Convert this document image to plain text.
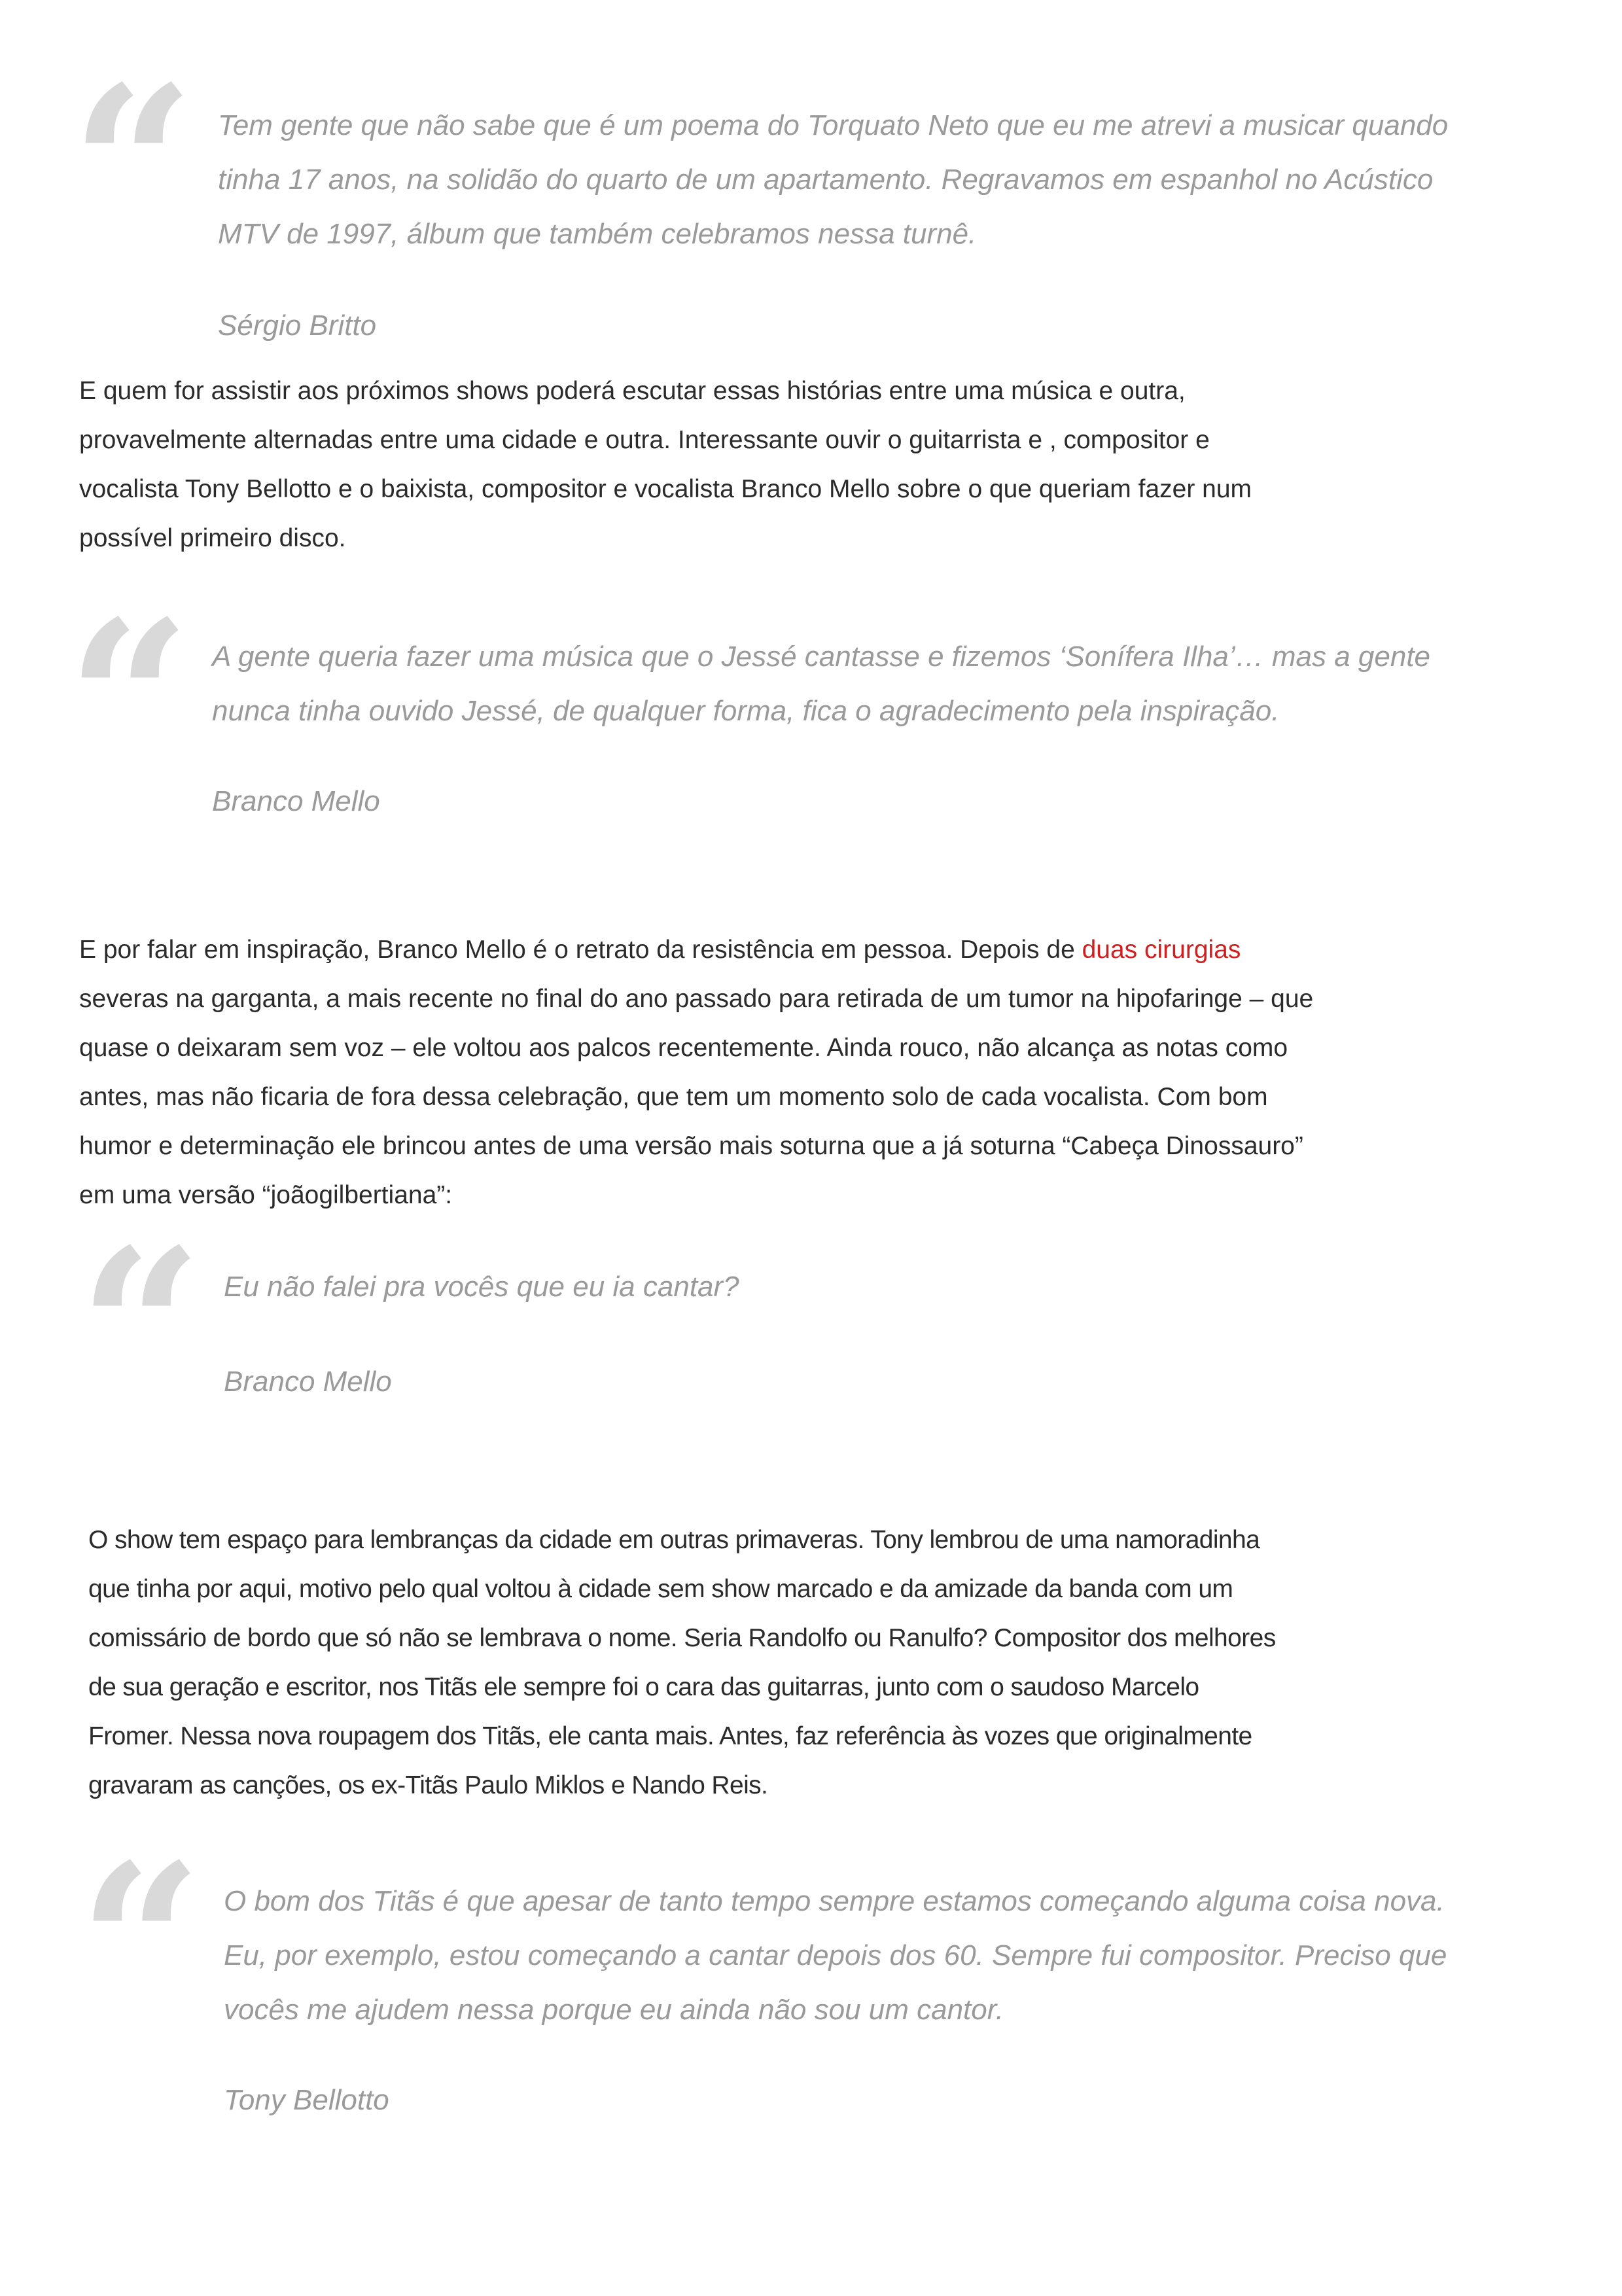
“ Tem gente que não sabe que é um poema do Torquato Neto que eu me atrevi a musicar quando
tinha 17 anos, na solidão do quarto de um apartamento. Regravamos em espanhol no Acústico
MTV de 1997, álbum que também celebramos nessa turnê.

Sérgio Britto

E quem for assistir aos próximos shows poderá escutar essas histórias entre uma música e outra,
provavelmente alternadas entre uma cidade e outra. Interessante ouvir o guitarrista e , compositor e
vocalista Tony Bellotto e o baixista, compositor e vocalista Branco Mello sobre o que queriam fazer num
possível primeiro disco.

“ A gente queria fazer uma música que o Jessé cantasse e fizemos ‘Sonífera Ilha’… mas a gente
nunca tinha ouvido Jessé, de qualquer forma, fica o agradecimento pela inspiração.

Branco Mello

E por falar em inspiração, Branco Mello é o retrato da resistência em pessoa. Depois de duas cirurgias
severas na garganta, a mais recente no final do ano passado para retirada de um tumor na hipofaringe – que
quase o deixaram sem voz – ele voltou aos palcos recentemente. Ainda rouco, não alcança as notas como
antes, mas não ficaria de fora dessa celebração, que tem um momento solo de cada vocalista. Com bom
humor e determinação ele brincou antes de uma versão mais soturna que a já soturna “Cabeça Dinossauro”
em uma versão “joãogilbertiana”:

“ Eu não falei pra vocês que eu ia cantar?

Branco Mello

O show tem espaço para lembranças da cidade em outras primaveras. Tony lembrou de uma namoradinha
que tinha por aqui, motivo pelo qual voltou à cidade sem show marcado e da amizade da banda com um
comissário de bordo que só não se lembrava o nome. Seria Randolfo ou Ranulfo? Compositor dos melhores
de sua geração e escritor, nos Titãs ele sempre foi o cara das guitarras, junto com o saudoso Marcelo
Fromer. Nessa nova roupagem dos Titãs, ele canta mais. Antes, faz referência às vozes que originalmente
gravaram as canções, os ex-Titãs Paulo Miklos e Nando Reis.

“ O bom dos Titãs é que apesar de tanto tempo sempre estamos começando alguma coisa nova.
Eu, por exemplo, estou começando a cantar depois dos 60. Sempre fui compositor. Preciso que
vocês me ajudem nessa porque eu ainda não sou um cantor.

Tony Bellotto
